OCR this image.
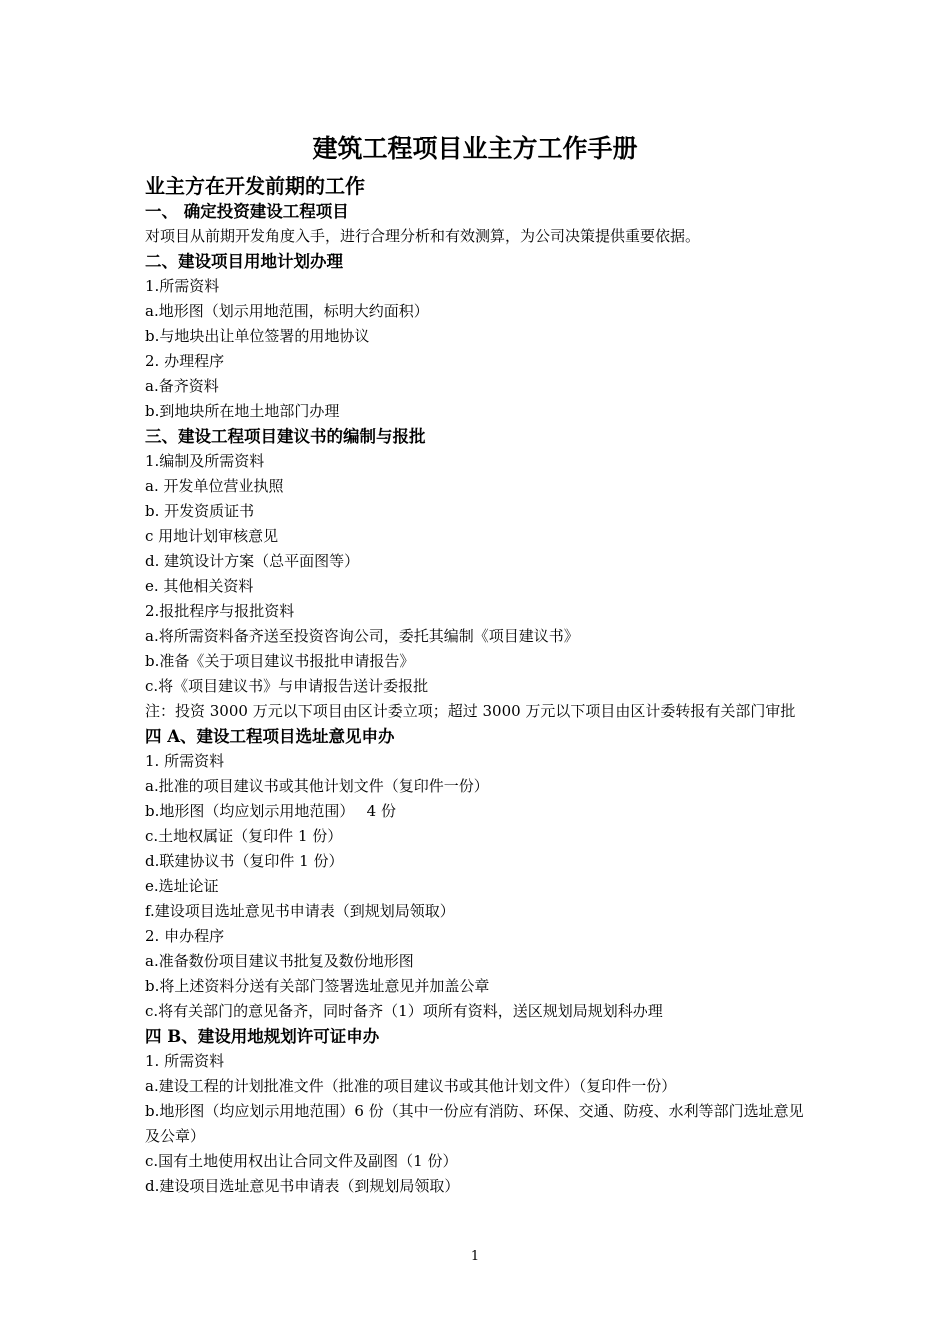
建筑工程项目业主方工作手册
业主方在开发前期的工作
一、 确定投资建设工程项目
对项目从前期开发角度入手，进行合理分析和有效测算，为公司决策提供重要依据。
二、建设项目用地计划办理
1.所需资料
a.地形图（划示用地范围，标明大约面积）
b.与地块出让单位签署的用地协议
2. 办理程序
a.备齐资料
b.到地块所在地土地部门办理
三、建设工程项目建议书的编制与报批
1.编制及所需资料
a. 开发单位营业执照
b. 开发资质证书
c 用地计划审核意见
d. 建筑设计方案（总平面图等）
e. 其他相关资料
2.报批程序与报批资料
a.将所需资料备齐送至投资咨询公司，委托其编制《项目建议书》
b.准备《关于项目建议书报批申请报告》
c.将《项目建议书》与申请报告送计委报批
注：投资 3000 万元以下项目由区计委立项；超过 3000 万元以下项目由区计委转报有关部门审批
四 A、建设工程项目选址意见申办
1. 所需资料
a.批准的项目建议书或其他计划文件（复印件一份）
b.地形图（均应划示用地范围）　 4 份
c.土地权属证（复印件 1 份）
d.联建协议书（复印件 1 份）
e.选址论证
f.建设项目选址意见书申请表（到规划局领取）
2. 申办程序
a.准备数份项目建议书批复及数份地形图
b.将上述资料分送有关部门签署选址意见并加盖公章
c.将有关部门的意见备齐，同时备齐（1）项所有资料，送区规划局规划科办理
四 B、建设用地规划许可证申办
1. 所需资料
a.建设工程的计划批准文件（批准的项目建议书或其他计划文件）（复印件一份）
b.地形图（均应划示用地范围）6 份（其中一份应有消防、环保、交通、防疫、水利等部门选址意见及公章）
c.国有土地使用权出让合同文件及副图（1 份）
d.建设项目选址意见书申请表（到规划局领取）
1
